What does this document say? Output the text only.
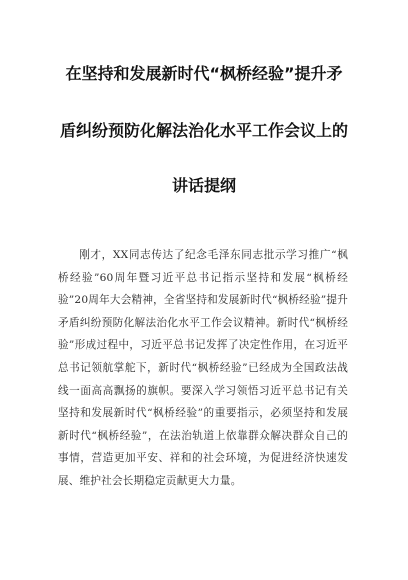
在坚持和发展新时代“枫桥经验”提升矛
盾纠纷预防化解法治化水平工作会议上的
讲话提纲

刚才，XX同志传达了纪念毛泽东同志批示学习推广“枫桥经验”60周年暨习近平总书记指示坚持和发展“枫桥经验”20周年大会精神，全省坚持和发展新时代“枫桥经验”提升矛盾纠纷预防化解法治化水平工作会议精神。新时代“枫桥经验”形成过程中，习近平总书记发挥了决定性作用，在习近平总书记领航掌舵下，新时代“枫桥经验”已经成为全国政法战线一面高高飘扬的旗帜。要深入学习领悟习近平总书记有关坚持和发展新时代“枫桥经验”的重要指示，必须坚持和发展新时代“枫桥经验”，在法治轨道上依靠群众解决群众自己的事情，营造更加平安、祥和的社会环境，为促进经济快速发展、维护社会长期稳定贡献更大力量。
